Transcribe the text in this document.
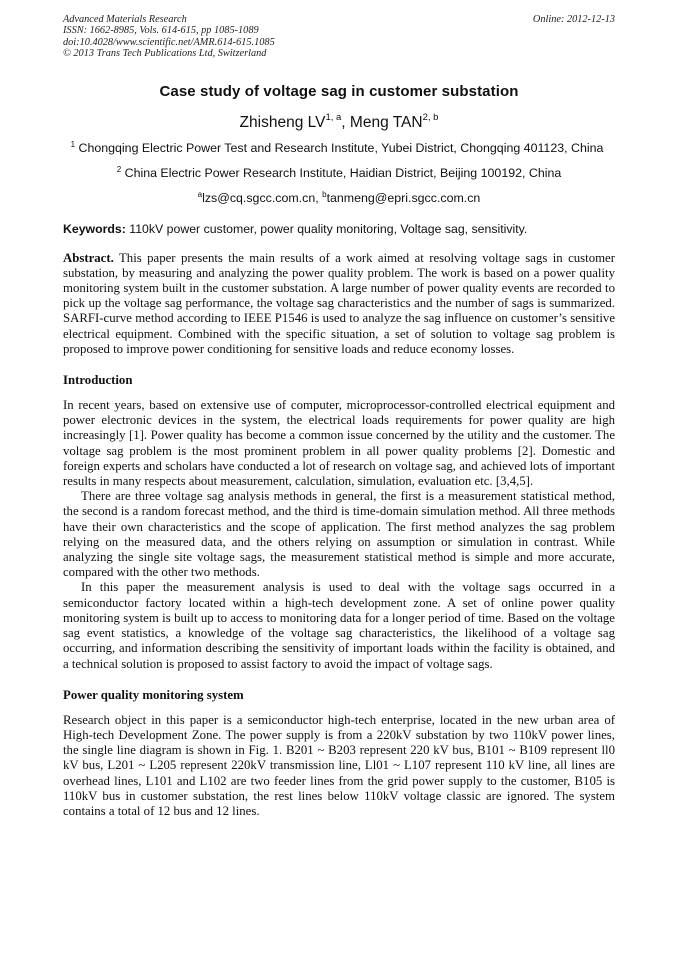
Advanced Materials Research
ISSN: 1662-8985, Vols. 614-615, pp 1085-1089
doi:10.4028/www.scientific.net/AMR.614-615.1085
© 2013 Trans Tech Publications Ltd, Switzerland
Online: 2012-12-13
Case study of voltage sag in customer substation
Zhisheng LV$^{1, a}$, Meng TAN$^{2, b}$
$^1$ Chongqing Electric Power Test and Research Institute, Yubei District, Chongqing 401123, China
$^2$ China Electric Power Research Institute, Haidian District, Beijing 100192, China
$^a$lzs@cq.sgcc.com.cn, $^b$tanmeng@epri.sgcc.com.cn
Keywords: 110kV power customer, power quality monitoring, Voltage sag, sensitivity.

Abstract. This paper presents the main results of a work aimed at resolving voltage sags in customer substation, by measuring and analyzing the power quality problem. The work is based on a power quality monitoring system built in the customer substation. A large number of power quality events are recorded to pick up the voltage sag performance, the voltage sag characteristics and the number of sags is summarized. SARFI-curve method according to IEEE P1546 is used to analyze the sag influence on customer’s sensitive electrical equipment. Combined with the specific situation, a set of solution to voltage sag problem is proposed to improve power conditioning for sensitive loads and reduce economy losses.

Introduction

In recent years, based on extensive use of computer, microprocessor-controlled electrical equipment and power electronic devices in the system, the electrical loads requirements for power quality are high increasingly [1]. Power quality has become a common issue concerned by the utility and the customer. The voltage sag problem is the most prominent problem in all power quality problems [2]. Domestic and foreign experts and scholars have conducted a lot of research on voltage sag, and achieved lots of important results in many respects about measurement, calculation, simulation, evaluation etc. [3,4,5].

There are three voltage sag analysis methods in general, the first is a measurement statistical method, the second is a random forecast method, and the third is time-domain simulation method. All three methods have their own characteristics and the scope of application. The first method analyzes the sag problem relying on the measured data, and the others relying on assumption or simulation in contrast. While analyzing the single site voltage sags, the measurement statistical method is simple and more accurate, compared with the other two methods.

In this paper the measurement analysis is used to deal with the voltage sags occurred in a semiconductor factory located within a high-tech development zone. A set of online power quality monitoring system is built up to access to monitoring data for a longer period of time. Based on the voltage sag event statistics, a knowledge of the voltage sag characteristics, the likelihood of a voltage sag occurring, and information describing the sensitivity of important loads within the facility is obtained, and a technical solution is proposed to assist factory to avoid the impact of voltage sags.

Power quality monitoring system

Research object in this paper is a semiconductor high-tech enterprise, located in the new urban area of High-tech Development Zone. The power supply is from a 220kV substation by two 110kV power lines, the single line diagram is shown in Fig. 1. B201 ~ B203 represent 220 kV bus, B101 ~ B109 represent ll0 kV bus, L201 ~ L205 represent 220kV transmission line, Ll01 ~ L107 represent 110 kV line, all lines are overhead lines, L101 and L102 are two feeder lines from the grid power supply to the customer, B105 is 110kV bus in customer substation, the rest lines below 110kV voltage classic are ignored. The system contains a total of 12 bus and 12 lines.
